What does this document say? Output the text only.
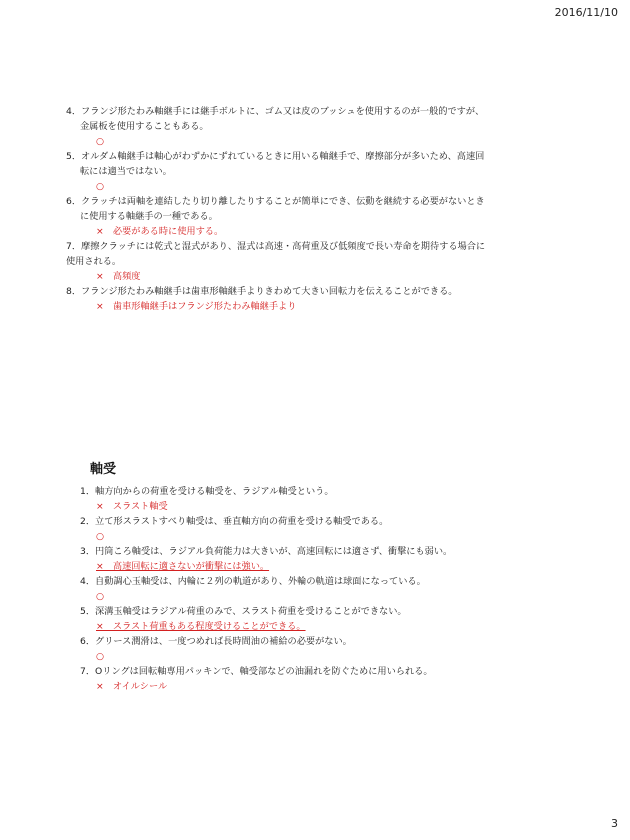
2016/11/10
4．フランジ形たわみ軸継手には継手ボルトに、ゴム又は皮のブッシュを使用するのが一般的ですが、
金属板を使用することもある。
○
5．オルダム軸継手は軸心がわずかにずれているときに用いる軸継手で、摩擦部分が多いため、高速回
転には適当ではない。
○
6．クラッチは両軸を連結したり切り離したりすることが簡単にでき、伝動を継続する必要がないとき
に使用する軸継手の一種である。
×　必要がある時に使用する。
7．摩擦クラッチには乾式と湿式があり、湿式は高速・高荷重及び低頻度で長い寿命を期待する場合に
使用される。
×　高頻度
8．フランジ形たわみ軸継手は歯車形軸継手よりきわめて大きい回転力を伝えることができる。
×　歯車形軸継手はフランジ形たわみ軸継手より
軸受
1．軸方向からの荷重を受ける軸受を、ラジアル軸受という。
×　スラスト軸受
2．立て形スラストすべり軸受は、垂直軸方向の荷重を受ける軸受である。
○
3．円筒ころ軸受は、ラジアル負荷能力は大きいが、高速回転には適さず、衝撃にも弱い。
×　高速回転に適さないが衝撃には強い。
4．自動調心玉軸受は、内輪に２列の軌道があり、外輪の軌道は球面になっている。
○
5．深溝玉軸受はラジアル荷重のみで、スラスト荷重を受けることができない。
×　スラスト荷重もある程度受けることができる。
6．グリース潤滑は、一度つめれば長時間油の補給の必要がない。
○
7．Oリングは回転軸専用パッキンで、軸受部などの油漏れを防ぐために用いられる。
×　オイルシール
3
